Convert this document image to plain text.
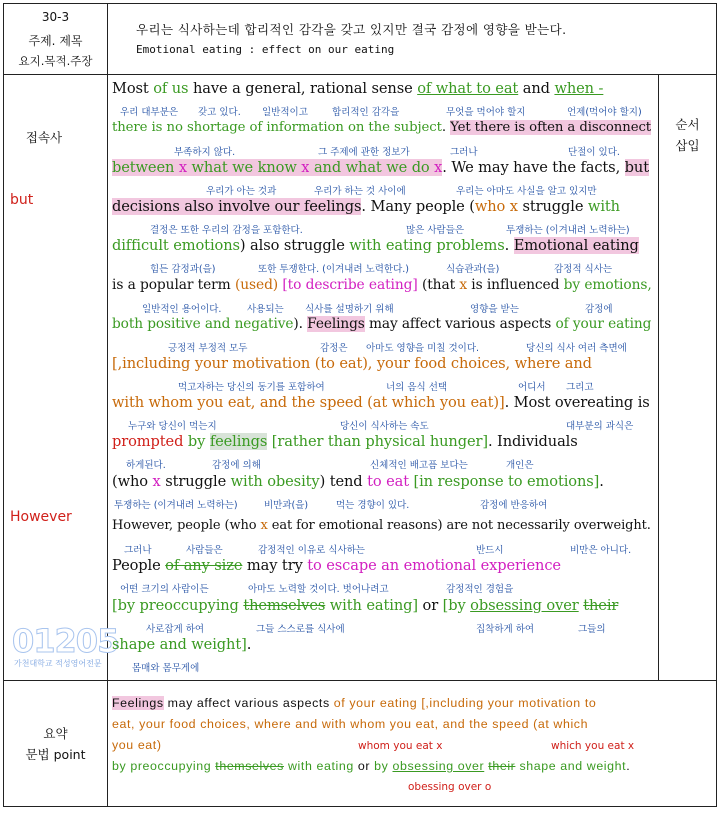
30-3
주제. 제목
요지.목적.주장
우리는 식사하는데 합리적인 감각을 갖고 있지만 결국 감정에 영향을 받는다.
Emotional eating : effect on our eating
접속사
but
However
순서
삽입
01205
가천대학교 적성영어전문
Most of us have a general, rational sense of what to eat and when -
우리 대부분은 갖고 있다. 일반적이고	합리적인 감각을	무엇을 먹어야 할지	언제(먹어야 할지)
there is no shortage of information on the subject. Yet there is often a disconnect
부족하지 않다.	그 주제에 관한 정보가	그러나	단절이 있다.
between x what we know x and what we do x. We may have the facts, but
우리가 아는 것과	우리가 하는 것 사이에	우리는 아마도 사실을 알고 있지만
decisions also involve our feelings. Many people (who x struggle with
결정은 또한 우리의 감정을 포함한다.	많은 사람들은	투쟁하는 (이겨내려 노력하는)
difficult emotions) also struggle with eating problems. Emotional eating
힘든 감정과(을)	또한 투쟁한다. (이겨내려 노력한다.)	식습관과(을)	감정적 식사는
is a popular term (used) [to describe eating] (that x is influenced by emotions,
일반적인 용어이다.	사용되는 식사를 설명하기 위해	영향을 받는	감정에
both positive and negative). Feelings may affect various aspects of your eating
긍정적 부정적 모두	감정은 아마도 영향을 미칠 것이다.	당신의 식사 여러 측면에
[,including your motivation (to eat), your food choices, where and
먹고자하는 당신의 동기를 포함하여	너의 음식 선택	어디서 그리고
with whom you eat, and the speed (at which you eat)]. Most overeating is
누구와 당신이 먹는지	당신이 식사하는 속도	대부분의 과식은
prompted by feelings [rather than physical hunger]. Individuals
하게된다.	감정에 의해	신체적인 배고픔 보다는	개인은
(who x struggle with obesity) tend to eat [in response to emotions].
투쟁하는 (이겨내려 노력하는)	비만과(을)	먹는 경향이 있다.	감정에 반응하여
However, people (who x eat for emotional reasons) are not necessarily overweight.
그러나	사람들은	감정적인 이유로 식사하는	반드시	비만은 아니다.
People of any size may try to escape an emotional experience
어떤 크기의 사람이든	아마도 노력할 것이다. 벗어나려고	감정적인 경험을
[by preoccupying themselves with eating] or [by obsessing over their
사로잡게 하여	그들 스스로를 식사에	집착하게 하여	그들의
shape and weight].
몸매와 몸무게에
요약
문법 point
Feelings may affect various aspects of your eating [,including your motivation to
eat, your food choices, where and with whom you eat, and the speed (at which
you eat)	whom you eat x	which you eat x
by preoccupying themselves with eating or by obsessing over their shape and weight.
obessing over o
